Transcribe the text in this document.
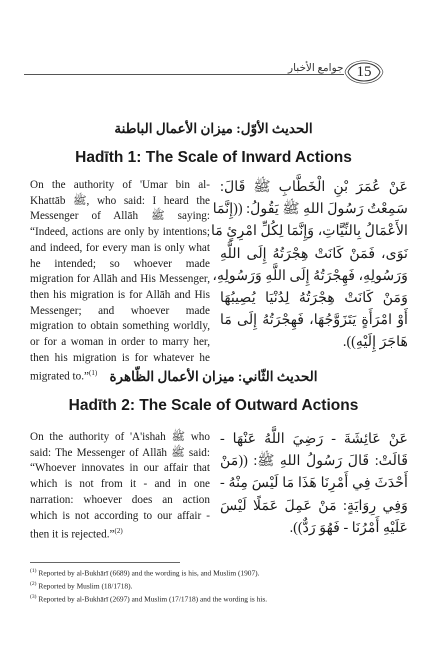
جوامع الأخبار 15
الحديث الأوّل: ميزان الأعمال الباطنة
Hadīth 1: The Scale of Inward Actions
On the authority of 'Umar bin al-Khattāb ﷺ, who said: I heard the Messenger of Allāh ﷺ saying: “Indeed, actions are only by intentions; and indeed, for every man is only what he intended; so whoever made migration for Allāh and His Messenger, then his migration is for Allāh and His Messenger; and whoever made migration to obtain something worldly, or for a woman in order to marry her, then his migration is for whatever he migrated to.”$^{(1)}$
عَنْ عُمَرَ بْنِ الْخَطَّابِ ﷺ قَالَ:
سَمِعْتُ رَسُولَ اللهِ ﷺ يَقُولُ: ((إِنَّمَا
الأَعْمَالُ بِالنِّيَّاتِ، وَإِنَّمَا لِكُلِّ امْرِئٍ مَا
نَوَى، فَمَنْ كَانَتْ هِجْرَتُهُ إِلَى اللَّهِ
وَرَسُولِهِ، فَهِجْرَتُهُ إِلَى اللَّهِ وَرَسُولِهِ،
وَمَنْ كَانَتْ هِجْرَتُهُ لِدُنْيَا يُصِيبُهَا
أَوْ امْرَأَةٍ يَتَزَوَّجُهَا، فَهِجْرَتُهُ إِلَى مَا
هَاجَرَ إِلَيْهِ)).
الحديث الثّاني: ميزان الأعمال الظّاهرة
Hadīth 2: The Scale of Outward Actions
On the authority of 'A'ishah ﷺ who said: The Messenger of Allāh ﷺ said: “Whoever innovates in our affair that which is not from it - and in one narration: whoever does an action which is not according to our affair - then it is rejected.”$^{(2)}$
عَنْ عَائِشَةَ - رَضِيَ اللَّهُ عَنْهَا -
قَالَتْ: قَالَ رَسُولُ اللهِ ﷺ: ((مَنْ
أَحْدَثَ فِي أَمْرِنَا هَذَا مَا لَيْسَ مِنْهُ -
وَفِي رِوَايَةٍ: مَنْ عَمِلَ عَمَلًا لَيْسَ
عَلَيْهِ أَمْرُنَا - فَهُوَ رَدٌّ)).
$^{(1)}$ Reported by al-Bukhārī (6689) and the wording is his, and Muslim (1907).
$^{(2)}$ Reported by Muslim (18/1718).
$^{(3)}$ Reported by al-Bukhārī (2697) and Muslim (17/1718) and the wording is his.
